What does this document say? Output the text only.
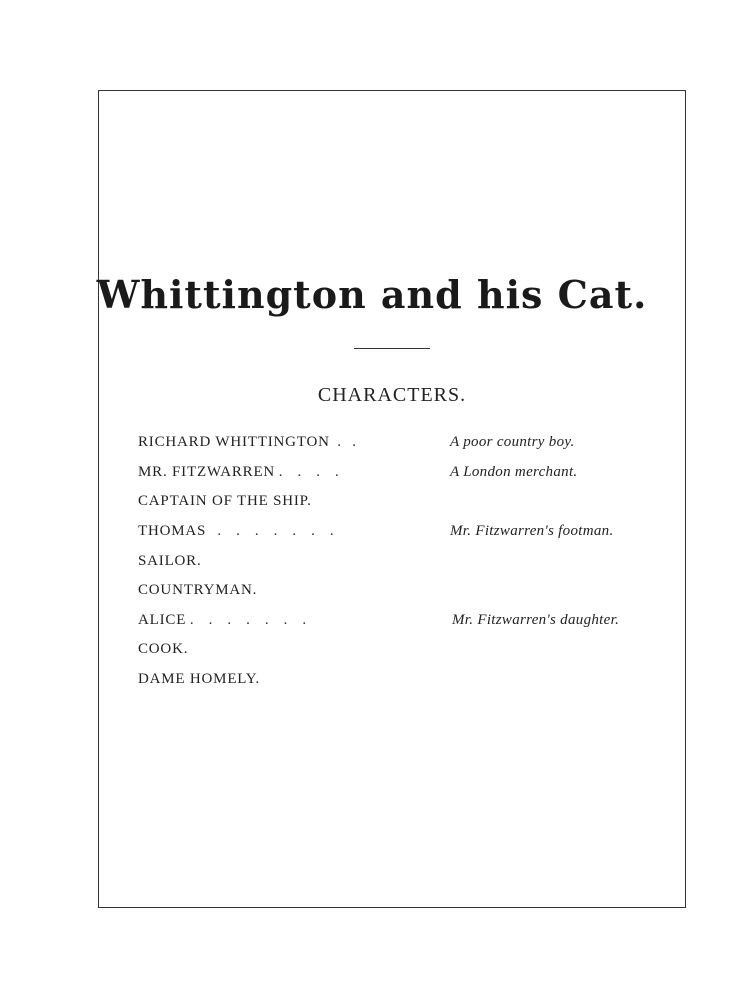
Whittington and his Cat.
CHARACTERS.
RICHARD WHITTINGTON .   .	A poor country boy.
MR. FITZWARREN .    .    .    .	A London merchant.
CAPTAIN OF THE SHIP.
THOMAS .    .    .    .    .    .    .	Mr. Fitzwarren's footman.
SAILOR.
COUNTRYMAN.
ALICE .    .    .    .    .    .    .	Mr. Fitzwarren's daughter.
COOK.
DAME HOMELY.
